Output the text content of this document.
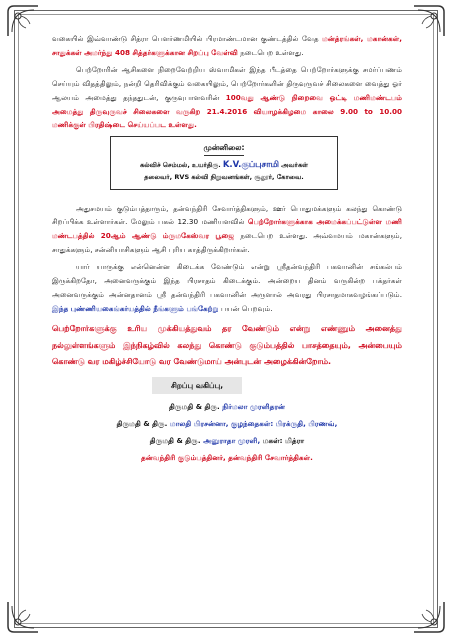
வகையில் இவ்வாண்டு சித்ரா பௌர்ணமியில் பிரமாண்டமான குண்டத்தில் வேத மன்த்ரங்கள், மகான்கள், சாதுக்கள் அமர்ந்து 408 சித்தர்களுக்கான சிறப்பு வேள்வி நடைபெற உள்ளது.

பெற்றோரின் ஆசிகளை நிறைவேற்றிய ஸ்வாமிகள் இந்த பீடத்தை பெற்றோர்களுக்கு சமர்ப்பணம் செய்யும் விதத்திலும், நன்றி தெரிவிக்கும் வகையிலும், பெற்றோர்களின் திருவுருவச் சிலைகளை வைத்து ஓர் ஆலயம் அமைத்து தந்ததுடன், குருவுபாளவரின் 100வது ஆண்டு நிறைவை ஒட்டி மணிமண்டபம் அமைத்து திருவுருவச் சிலைகளை வருகிற 21.4.2016 வியாழக்கிழமை காலை 9.00 to 10.00 மணிக்குள் பிரதிஷ்டை செய்யப்பட உள்ளது.

முன்னிலை:
கல்விச் செம்மல், உயர்திரு. K.V.குப்புசாமி அவர்கள்
தலைவர், RVS கல்வி நிறுவனங்கள், சூலூர், கோவை.

அதுசமயம் குடும்பத்தாரும், தன்வந்திரி சேவார்த்திகளும், ஊர் பொதுமக்களும் கலந்து கொண்டு சிறப்பிக்க உள்ளார்கள். மேலும் பகல் 12.30 மணியளவில் பெற்றோர்களுக்காக அமைக்கப்பட்டுள்ள மணி மண்டபத்தில் 20ஆம் ஆண்டு ம்ருமகேஸ்வர பூஜை நடைபெற உள்ளது. அவ்வமயம் மகான்களும், சாதுக்களும், சன்னியாசிகளும் ஆசி புரிய காத்திருக்கிறார்கள்.

யார் யாருக்கு என்னென்ன கிடைக்க வேண்டும் என்று ஸ்ரீதன்வந்திரி பகவானின் சங்கல்பம் இருக்கிறதோ, அனைவருக்கும் இந்த பிரசாதம் கிடைக்கும். அன்றைய தினம் வருகின்ற பக்தர்கள் அனைவருக்கும் அன்னதானம் ஸ்ரீ தன்வந்திரி பகவானின் அருளால் அவரது பிரசாதமாகவழங்கப்படும். இந்த புண்ணியகைங்கர்யத்தில் நீங்களும் பங்கேற்று பயன் பெறவும்.

பெற்றோர்களுக்கு உரிய முக்கியத்துவம் தர வேண்டும் என்று எண்ணும் அனைத்து நல்லுள்ளங்களும் இந்நிகழ்வில் கலந்து கொண்டு குடும்பத்தில் பாசத்தையும், அன்பையும் கொண்டு வர மகிழ்ச்சியோடு வர வேண்டுமாய் அன்புடன் அழைக்கின்றோம்.
சிறப்பு வகிப்பு,
திருமதி & திரு. நிர்மலா முரளிதரன்
திருமதி & திரு. மாலதி பிரசன்னா, குழந்தைகள்: பிரக்ருதி, பிரணவ்,
திருமதி & திரு. அனுராதா முரளி, மகள்: மித்ரா
தன்வந்திரி குடும்பத்தினர், தன்வந்திரி சேவார்த்திகள்.
